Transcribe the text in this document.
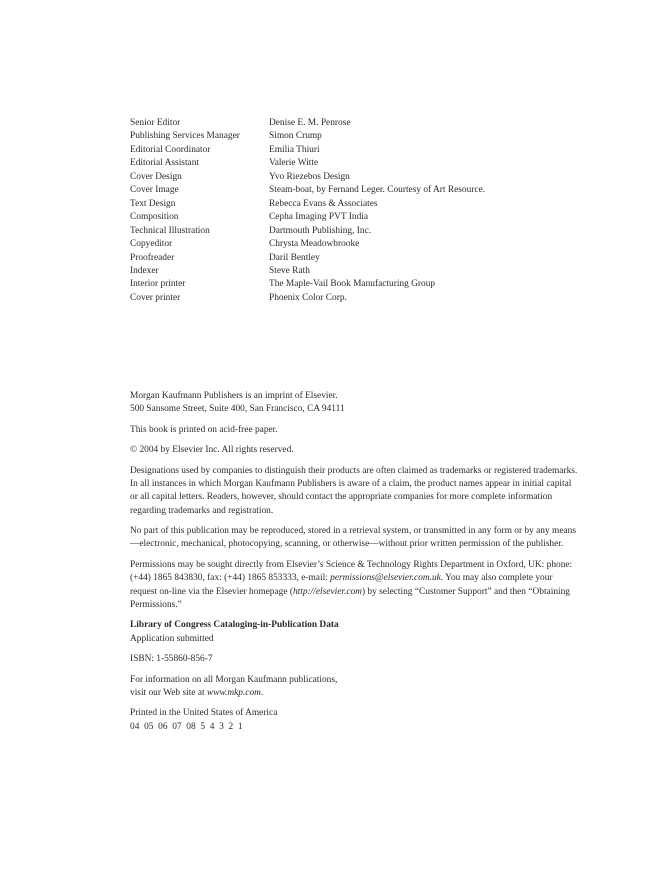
Senior Editor	Denise E. M. Penrose
Publishing Services Manager	Simon Crump
Editorial Coordinator	Emilia Thiuri
Editorial Assistant	Valerie Witte
Cover Design	Yvo Riezebos Design
Cover Image	Steam-boat, by Fernand Leger. Courtesy of Art Resource.
Text Design	Rebecca Evans & Associates
Composition	Cepha Imaging PVT India
Technical Illustration	Dartmouth Publishing, Inc.
Copyeditor	Chrysta Meadowbrooke
Proofreader	Daril Bentley
Indexer	Steve Rath
Interior printer	The Maple-Vail Book Manufacturing Group
Cover printer	Phoenix Color Corp.
Morgan Kaufmann Publishers is an imprint of Elsevier.
500 Sansome Street, Suite 400, San Francisco, CA 94111

This book is printed on acid-free paper.

© 2004 by Elsevier Inc. All rights reserved.

Designations used by companies to distinguish their products are often claimed as trademarks or registered trademarks. In all instances in which Morgan Kaufmann Publishers is aware of a claim, the product names appear in initial capital or all capital letters. Readers, however, should contact the appropriate companies for more complete information regarding trademarks and registration.

No part of this publication may be reproduced, stored in a retrieval system, or transmitted in any form or by any means—electronic, mechanical, photocopying, scanning, or otherwise—without prior written permission of the publisher.

Permissions may be sought directly from Elsevier’s Science & Technology Rights Department in Oxford, UK: phone: (+44) 1865 843830, fax: (+44) 1865 853333, e-mail: permissions@elsevier.com.uk. You may also complete your request on-line via the Elsevier homepage (http://elsevier.com) by selecting “Customer Support” and then “Obtaining Permissions.”

Library of Congress Cataloging-in-Publication Data
Application submitted

ISBN: 1-55860-856-7

For information on all Morgan Kaufmann publications,
visit our Web site at www.mkp.com.
Printed in the United States of America
04  05  06  07  08  5  4  3  2  1
